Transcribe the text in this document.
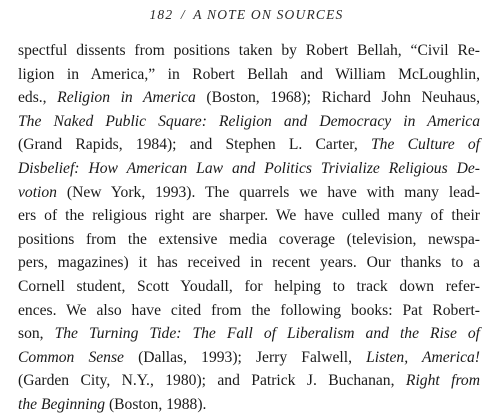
182 / A NOTE ON SOURCES

spectful dissents from positions taken by Robert Bellah, “Civil Re-
ligion in America,” in Robert Bellah and William McLoughlin,
eds., Religion in America (Boston, 1968); Richard John Neuhaus,
The Naked Public Square: Religion and Democracy in America
(Grand Rapids, 1984); and Stephen L. Carter, The Culture of
Disbelief: How American Law and Politics Trivialize Religious De-
votion (New York, 1993). The quarrels we have with many lead-
ers of the religious right are sharper. We have culled many of their
positions from the extensive media coverage (television, newspa-
pers, magazines) it has received in recent years. Our thanks to a
Cornell student, Scott Youdall, for helping to track down refer-
ences. We also have cited from the following books: Pat Robert-
son, The Turning Tide: The Fall of Liberalism and the Rise of
Common Sense (Dallas, 1993); Jerry Falwell, Listen, America!
(Garden City, N.Y., 1980); and Patrick J. Buchanan, Right from
the Beginning (Boston, 1988).
